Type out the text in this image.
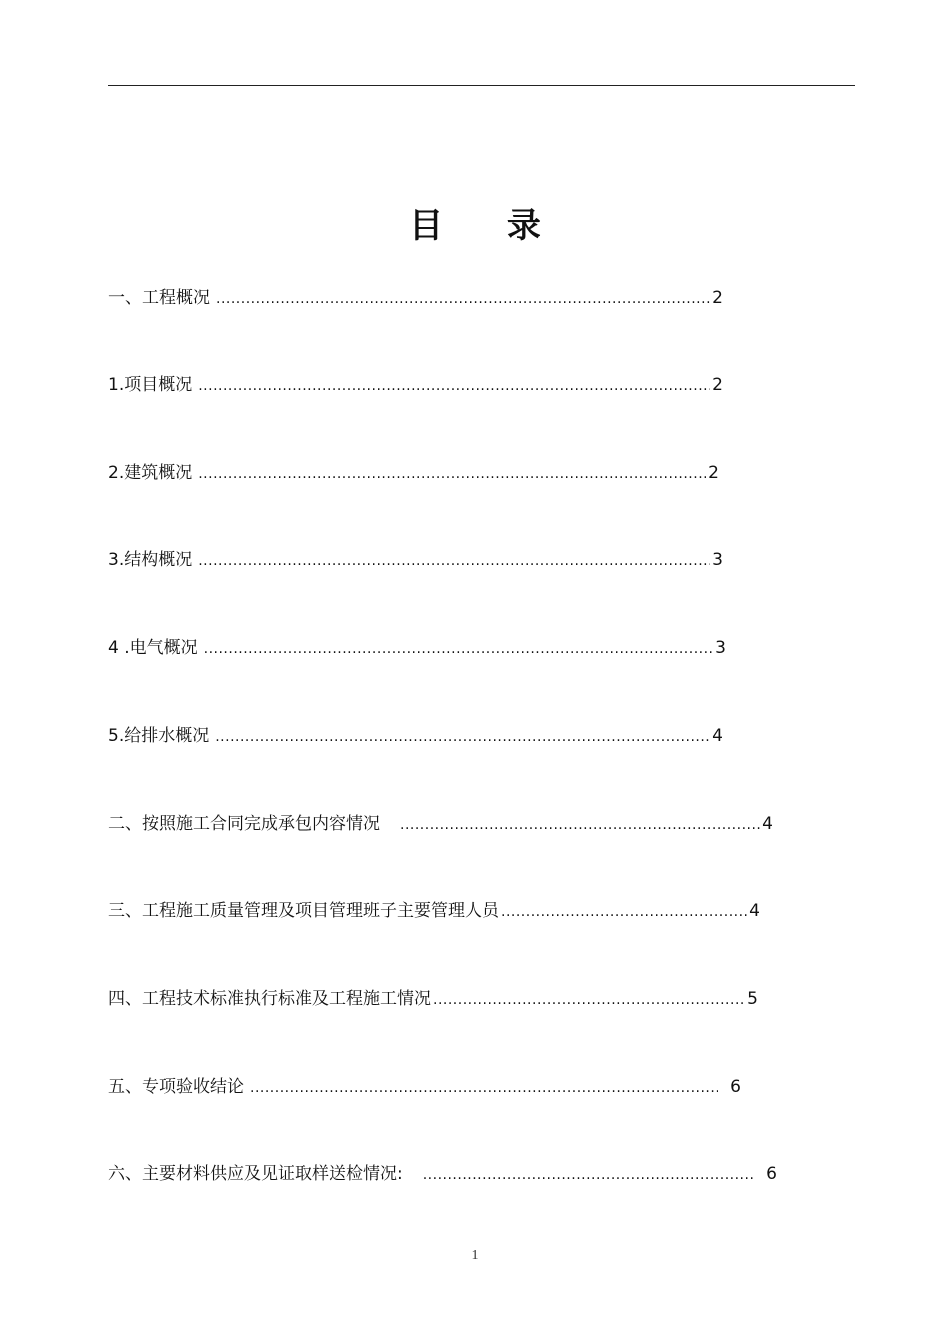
目 录
一、工程概况 .....	2
1.项目概况 .....	2
2.建筑概况 .....	2
3.结构概况 .....	3
4 .电气概况 .....	3
5.给排水概况 .....	4
二、按照施工合同完成承包内容情况 .....	4
三、工程施工质量管理及项目管理班子主要管理人员 .....	4
四、工程技术标准执行标准及工程施工情况 .....	5
五、专项验收结论 .....	6
六、主要材料供应及见证取样送检情况: .....	6
1
